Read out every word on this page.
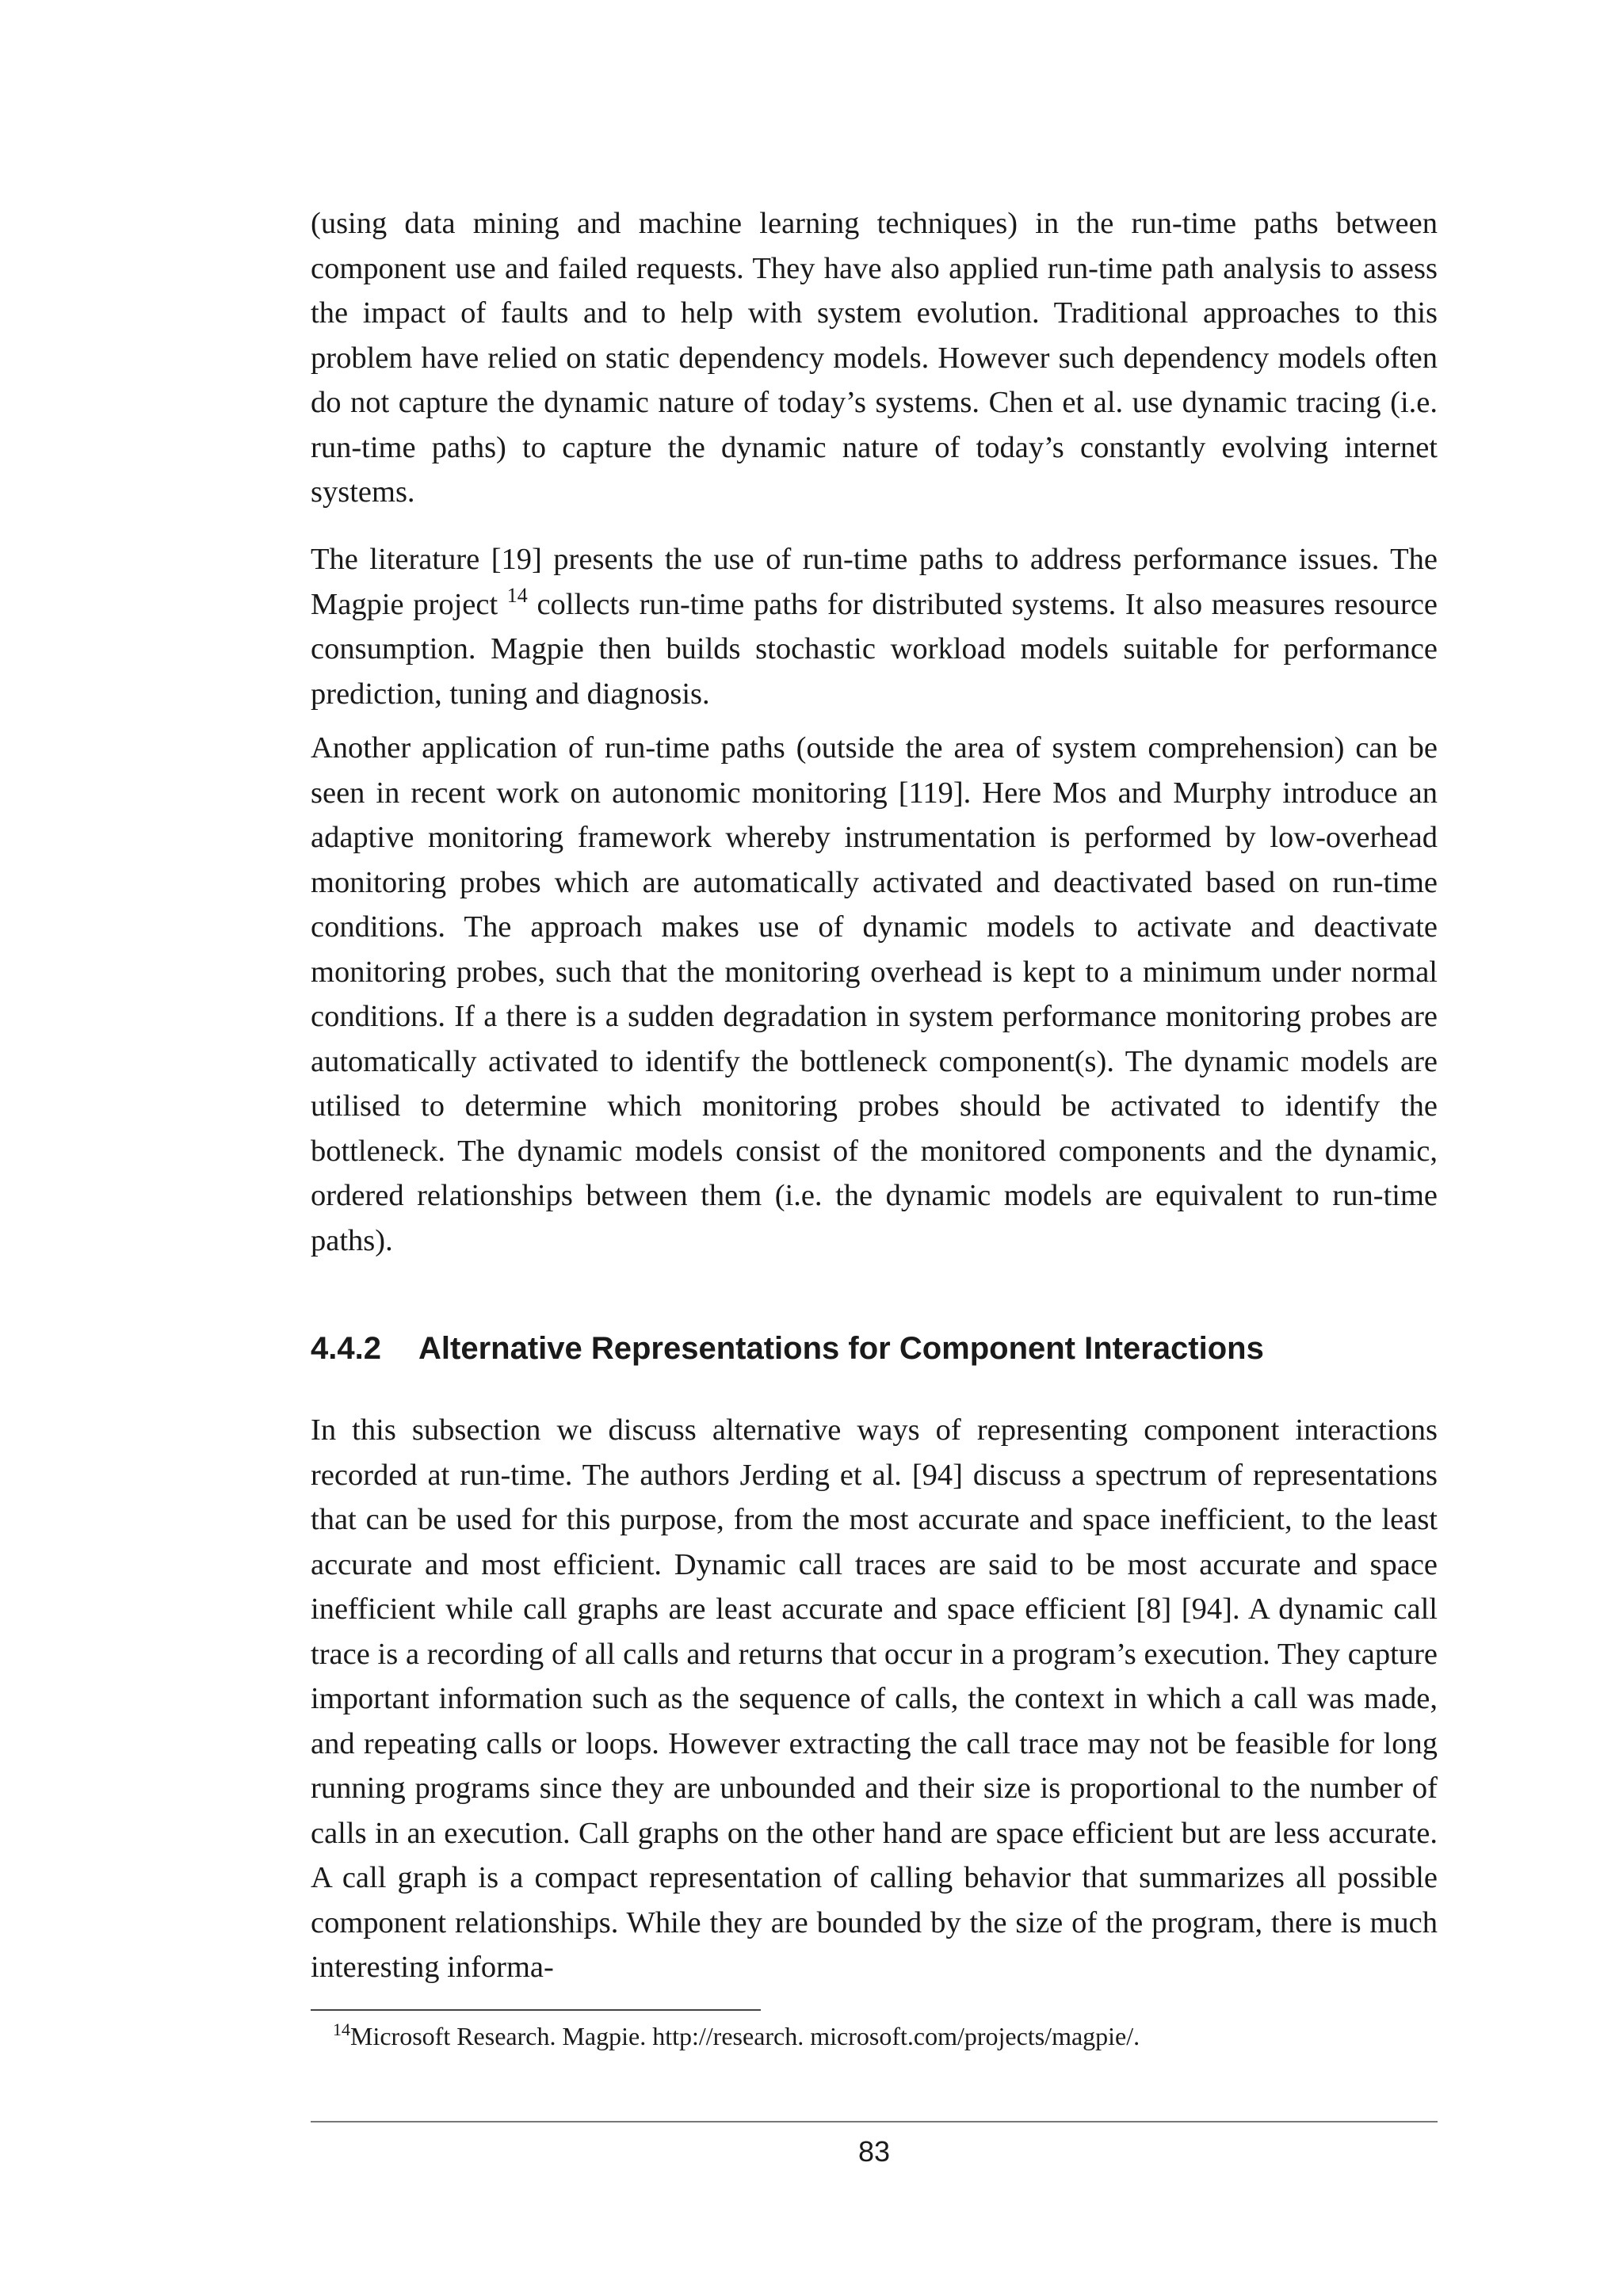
(using data mining and machine learning techniques) in the run-time paths between component use and failed requests. They have also applied run-time path analysis to assess the impact of faults and to help with system evolution. Traditional approaches to this problem have relied on static dependency models. However such dependency models often do not capture the dynamic nature of today’s systems. Chen et al. use dynamic tracing (i.e. run-time paths) to capture the dynamic nature of today’s constantly evolving internet systems.

The literature [19] presents the use of run-time paths to address performance issues. The Magpie project $^{14}$ collects run-time paths for distributed systems. It also measures resource consumption. Magpie then builds stochastic workload models suitable for performance prediction, tuning and diagnosis.

Another application of run-time paths (outside the area of system comprehension) can be seen in recent work on autonomic monitoring [119]. Here Mos and Murphy introduce an adaptive monitoring framework whereby instrumentation is performed by low-overhead monitoring probes which are automatically activated and deactivated based on run-time conditions. The approach makes use of dynamic models to activate and deactivate monitoring probes, such that the monitoring overhead is kept to a minimum under normal conditions. If a there is a sudden degradation in system performance monitoring probes are automatically activated to identify the bottleneck component(s). The dynamic models are utilised to determine which monitoring probes should be activated to identify the bottleneck. The dynamic models consist of the monitored components and the dynamic, ordered relationships between them (i.e. the dynamic models are equivalent to run-time paths).

4.4.2 Alternative Representations for Component Interactions

In this subsection we discuss alternative ways of representing component interactions recorded at run-time. The authors Jerding et al. [94] discuss a spectrum of representations that can be used for this purpose, from the most accurate and space inefficient, to the least accurate and most efficient. Dynamic call traces are said to be most accurate and space inefficient while call graphs are least accurate and space efficient [8] [94]. A dynamic call trace is a recording of all calls and returns that occur in a program’s execution. They capture important information such as the sequence of calls, the context in which a call was made, and repeating calls or loops. However extracting the call trace may not be feasible for long running programs since they are unbounded and their size is proportional to the number of calls in an execution. Call graphs on the other hand are space efficient but are less accurate. A call graph is a compact representation of calling behavior that summarizes all possible component relationships. While they are bounded by the size of the program, there is much interesting informa-

$^{14}$Microsoft Research. Magpie. http://research. microsoft.com/projects/magpie/.

83
